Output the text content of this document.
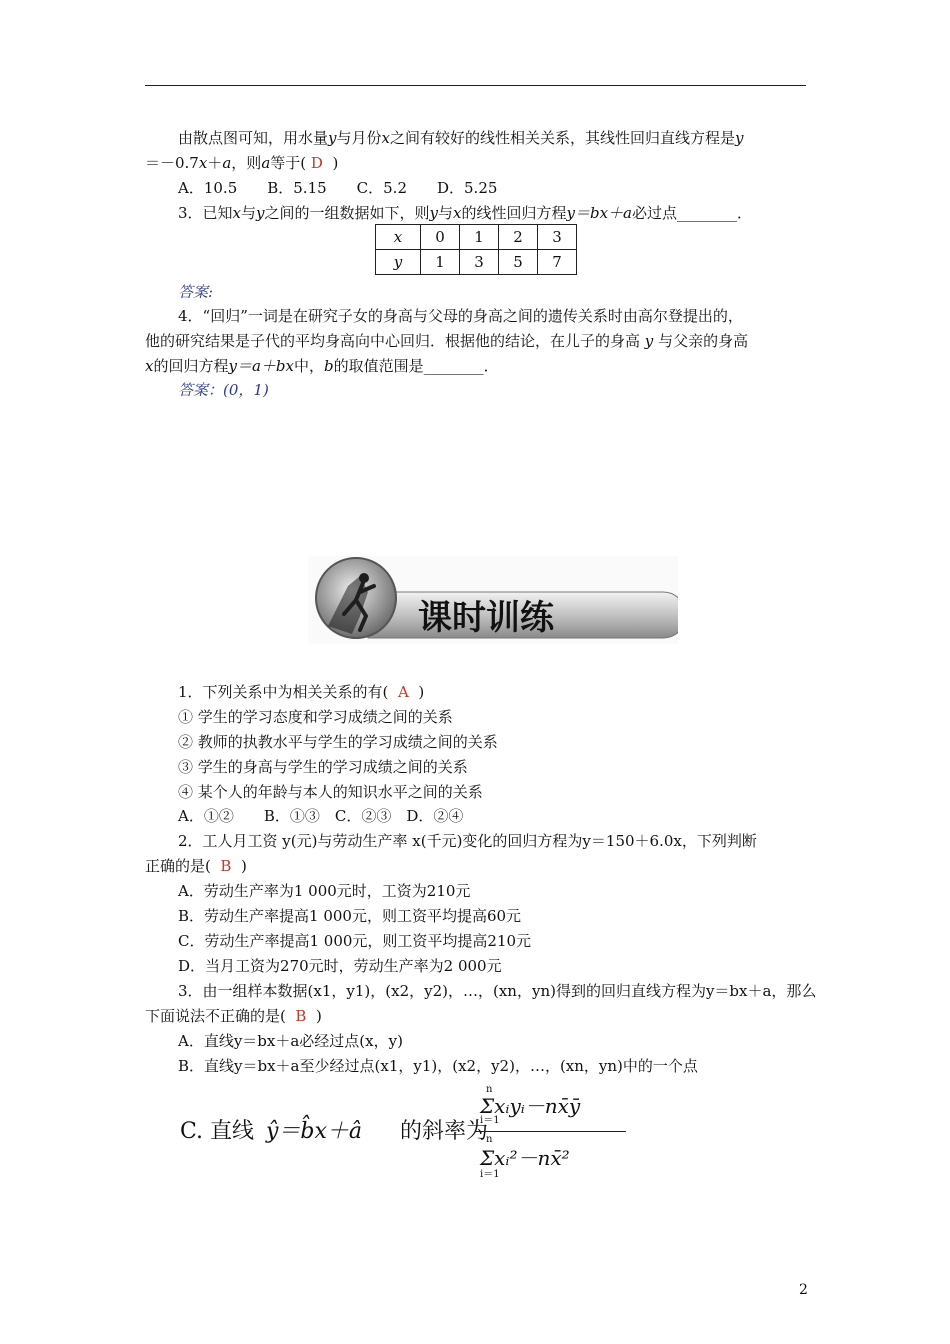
由散点图可知，用水量y与月份x之间有较好的线性相关关系，其线性回归直线方程是y
＝－0.7x＋a，则a等于( D )
A．10.5　　B．5.15　　C．5.2　　D．5.25
3．已知x与y之间的一组数据如下，则y与x的线性回归方程y＝bx＋a必过点________．
x	0	1	2	3
y	1	3	5	7
答案:
4．“回归”一词是在研究子女的身高与父母的身高之间的遗传关系时由高尔登提出的，
他的研究结果是子代的平均身高向中心回归．根据他的结论，在儿子的身高 y 与父亲的身高
x的回归方程y＝a＋bx中，b的取值范围是________．
答案：(0，1)
课时训练
1．下列关系中为相关关系的有( A )
① 学生的学习态度和学习成绩之间的关系
② 教师的执教水平与学生的学习成绩之间的关系
③ 学生的身高与学生的学习成绩之间的关系
④ 某个人的年龄与本人的知识水平之间的关系
A．①②　　B．①③　C．②③　D．②④
2．工人月工资 y(元)与劳动生产率 x(千元)变化的回归方程为y＝150＋6.0x，下列判断
正确的是( B )
A．劳动生产率为1 000元时，工资为210元
B．劳动生产率提高1 000元，则工资平均提高60元
C．劳动生产率提高1 000元，则工资平均提高210元
D．当月工资为270元时，劳动生产率为2 000元
3．由一组样本数据(x1，y1)，(x2，y2)，…，(xn，yn)得到的回归直线方程为y＝bx＋a，那么
下面说法不正确的是( B )
A．直线y＝bx＋a必经过点(x，y)
B．直线y＝bx＋a至少经过点(x1，y1)，(x2，y2)，…，(xn，yn)中的一个点
C. 直线 ŷ＝b̂x＋â 的斜率为
n
Σxᵢyᵢ－nx̄ȳ
i＝1
n
Σxᵢ²－nx̄²
i＝1
2
